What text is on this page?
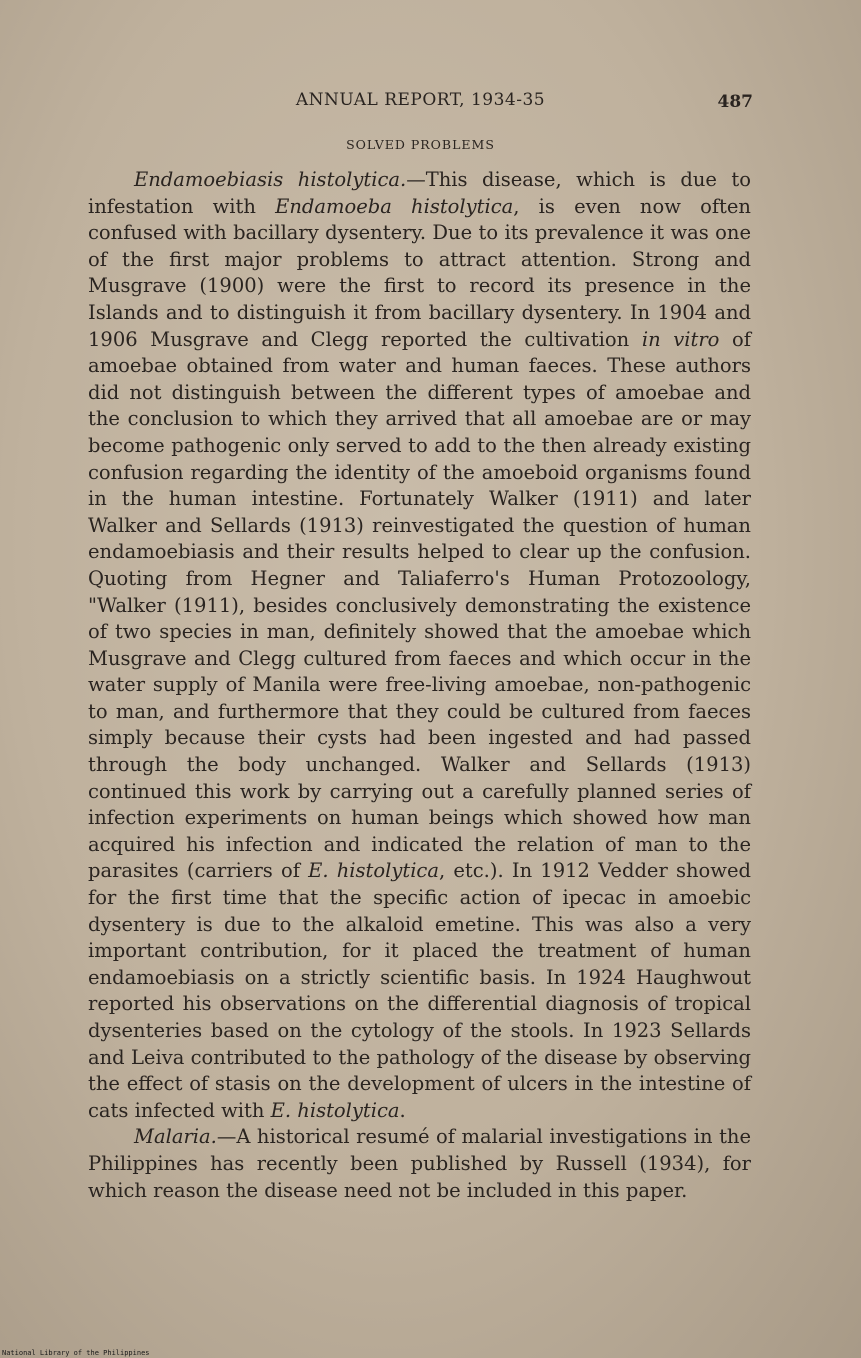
ANNUAL REPORT, 1934-35	487
SOLVED PROBLEMS

Endamoebiasis histolytica.—This disease, which is due to infestation with Endamoeba histolytica, is even now often confused with bacillary dysentery. Due to its prevalence it was one of the first major problems to attract attention. Strong and Musgrave (1900) were the first to record its presence in the Islands and to distinguish it from bacillary dysentery. In 1904 and 1906 Musgrave and Clegg reported the cultivation in vitro of amoebae obtained from water and human faeces. These authors did not distinguish between the different types of amoebae and the conclusion to which they arrived that all amoebae are or may become pathogenic only served to add to the then already existing confusion regarding the identity of the amoeboid organisms found in the human intestine. Fortunately Walker (1911) and later Walker and Sellards (1913) reinvestigated the question of human endamoebiasis and their results helped to clear up the confusion. Quoting from Hegner and Taliaferro's Human Protozoology, "Walker (1911), besides conclusively demonstrating the existence of two species in man, definitely showed that the amoebae which Musgrave and Clegg cultured from faeces and which occur in the water supply of Manila were free-living amoebae, non-pathogenic to man, and furthermore that they could be cultured from faeces simply because their cysts had been ingested and had passed through the body unchanged. Walker and Sellards (1913) continued this work by carrying out a carefully planned series of infection experiments on human beings which showed how man acquired his infection and indicated the relation of man to the parasites (carriers of E. histolytica, etc.). In 1912 Vedder showed for the first time that the specific action of ipecac in amoebic dysentery is due to the alkaloid emetine. This was also a very important contribution, for it placed the treatment of human endamoebiasis on a strictly scientific basis. In 1924 Haughwout reported his observations on the differential diagnosis of tropical dysenteries based on the cytology of the stools. In 1923 Sellards and Leiva contributed to the pathology of the disease by observing the effect of stasis on the development of ulcers in the intestine of cats infected with E. histolytica.

Malaria.—A historical resumé of malarial investigations in the Philippines has recently been published by Russell (1934), for which reason the disease need not be included in this paper.

National Library of the Philippines
